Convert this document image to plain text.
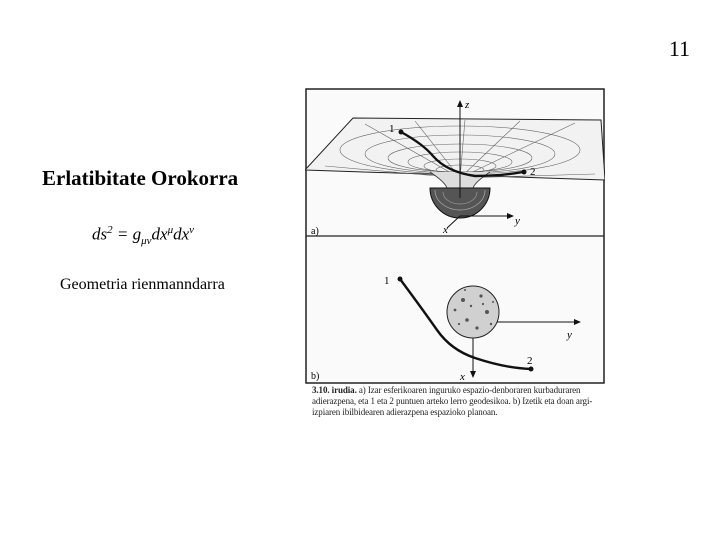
11
Erlatibitate Orokorra
$ds^2 = g_{\mu\nu}dx^\mu dx^\nu$
Geometria rienmanndarra
z
y
x
1
2
a)
y
x
1
2
b)
3.10. irudia. a) Izar esferikoaren inguruko espazio-denboraren kurbaduraren adierazpena, eta 1 eta 2 puntuen arteko lerro geodesikoa. b) Izetik eta doan argi-izpiaren ibilbidearen adierazpena espazioko planoan.
